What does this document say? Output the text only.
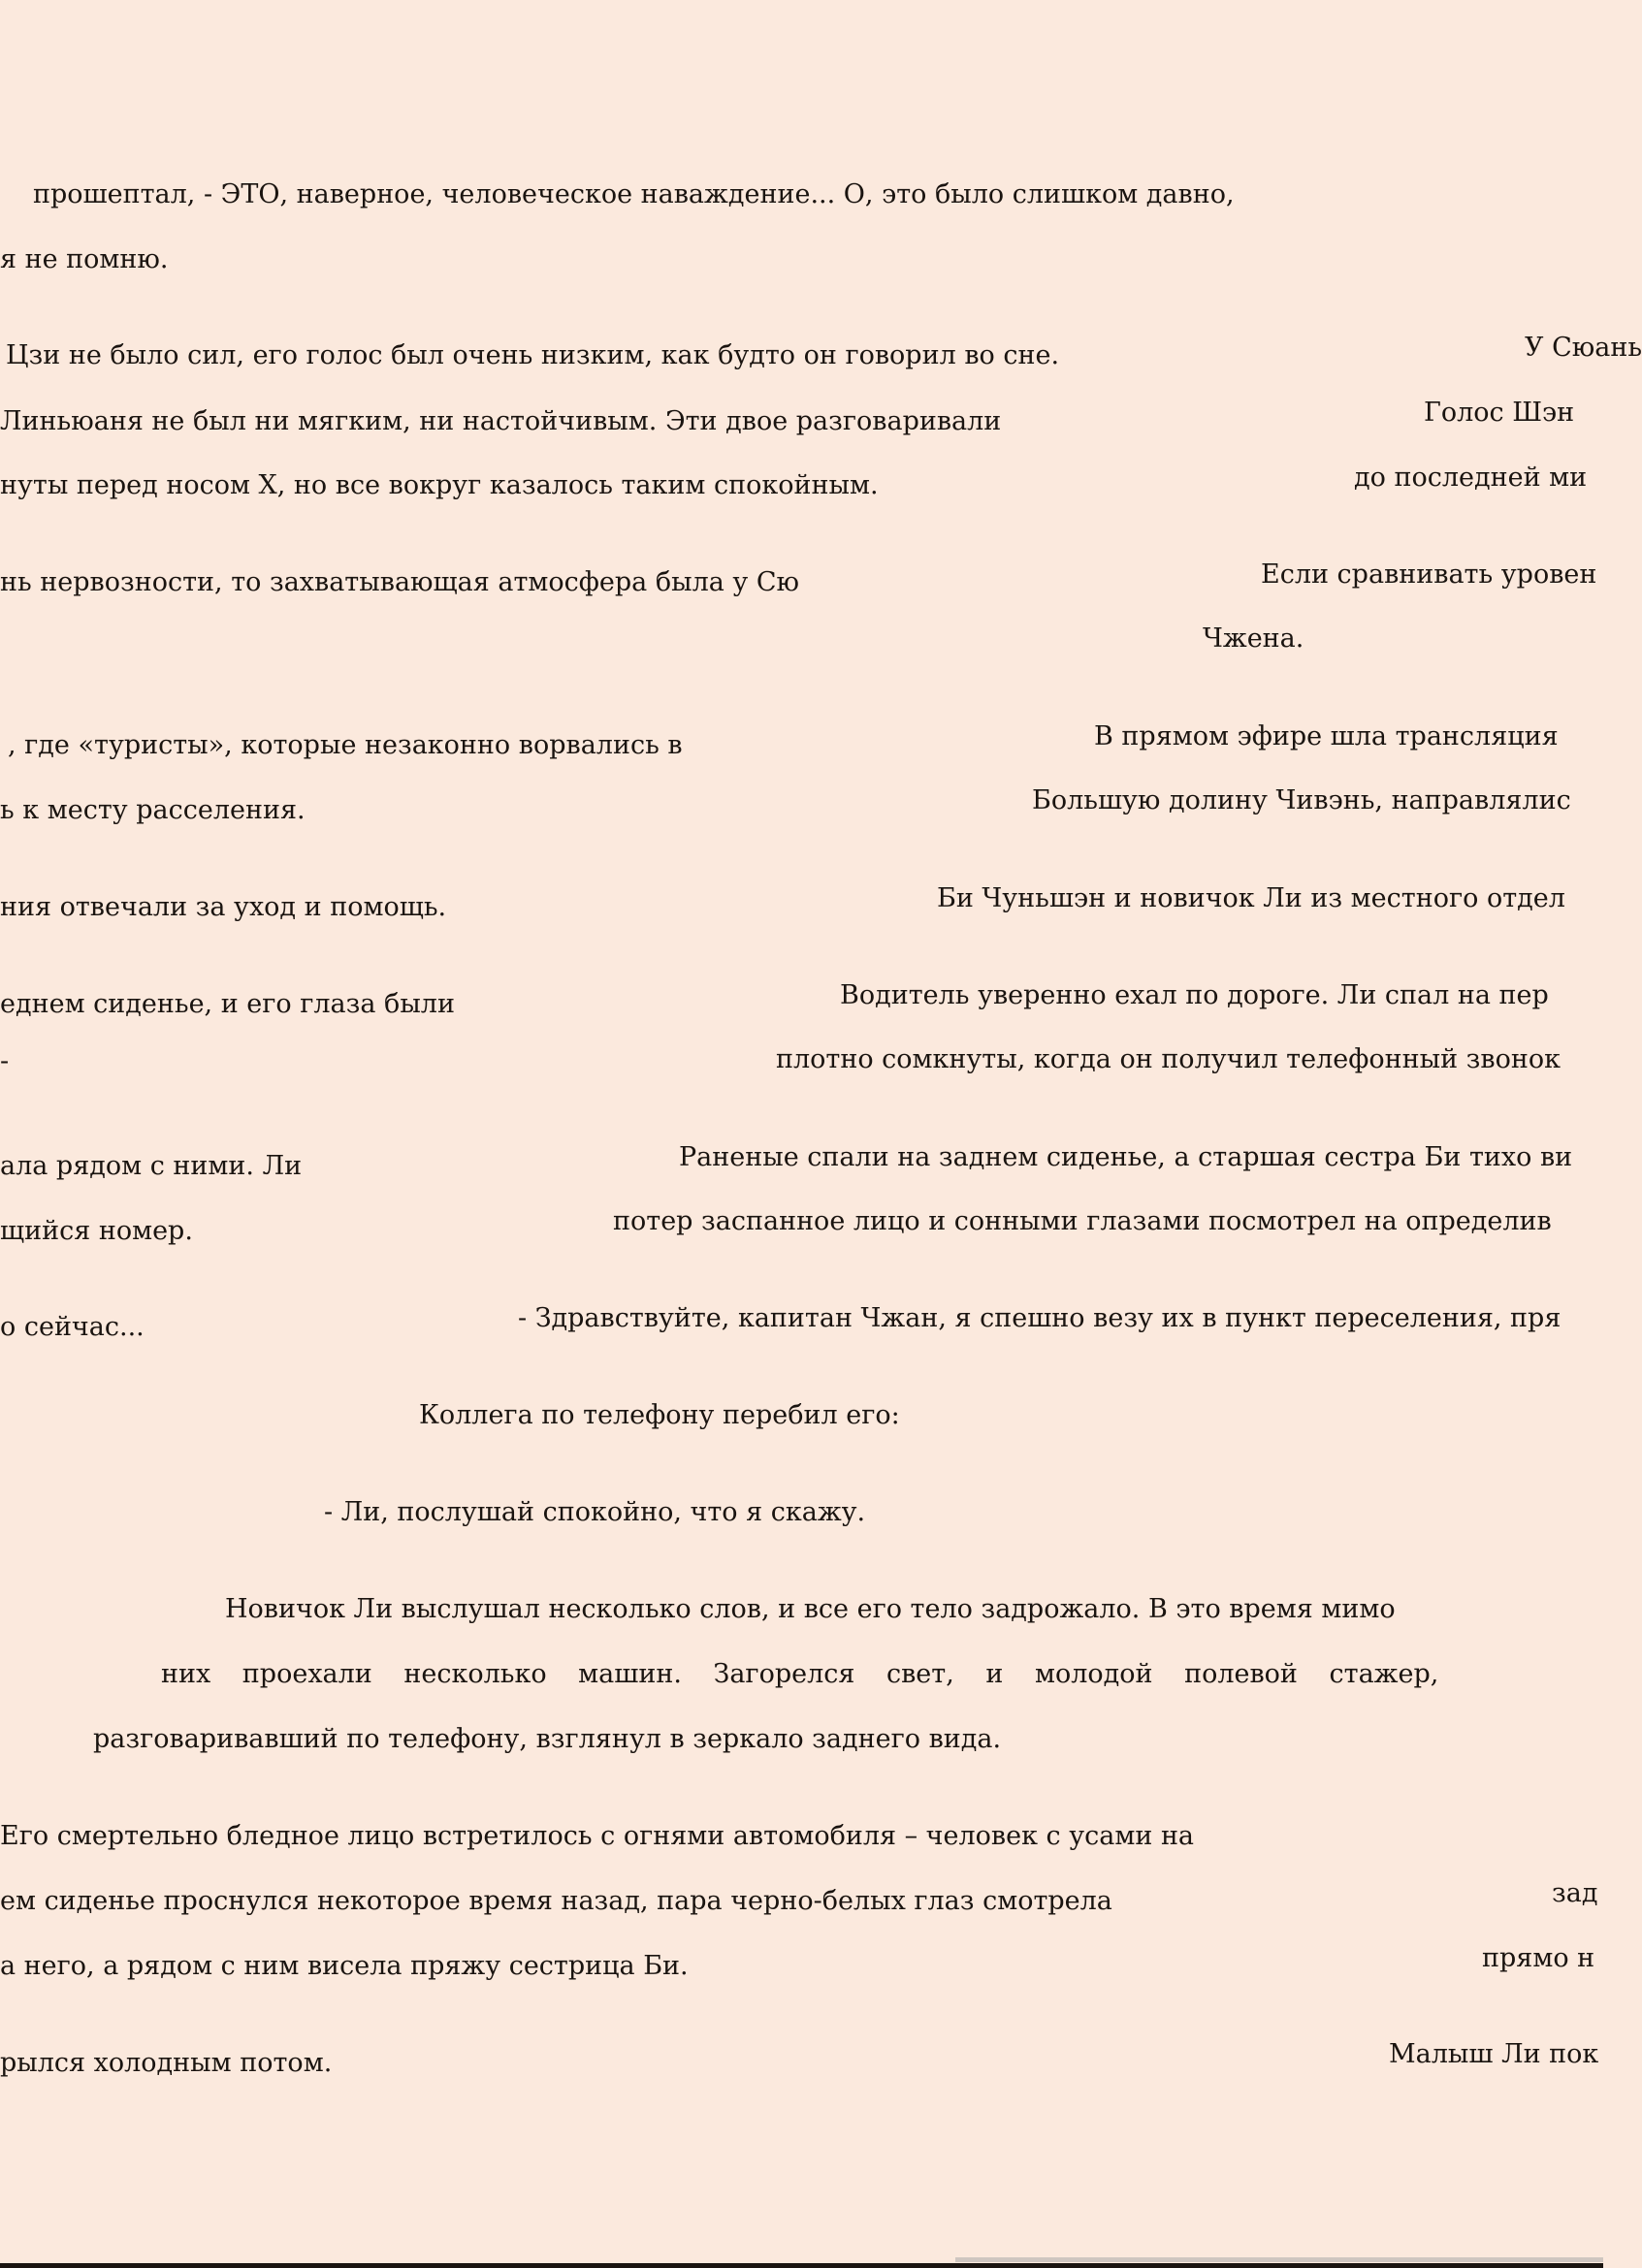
прошептал, - ЭТО, наверное, человеческое наваждение... О, это было слишком давно,

я не помню.

Цзи не было сил, его голос был очень низким, как будто он говорил во сне.	У Сюань

Линьюаня не был ни мягким, ни настойчивым. Эти двое разговаривали	Голос Шэн

нуты перед носом X, но все вокруг казалось таким спокойным.	до последней ми

нь нервозности, то захватывающая атмосфера была у Сю	Если сравнивать уровен

Чжена.

, где «туристы», которые незаконно ворвались в	В прямом эфире шла трансляция

ь к месту расселения.	Большую долину Чивэнь, направлялис

ния отвечали за уход и помощь.	Би Чуньшэн и новичок Ли из местного отдел

еднем сиденье, и его глаза были	Водитель уверенно ехал по дороге. Ли спал на пер

-	плотно сомкнуты, когда он получил телефонный звонок

ала рядом с ними. Ли	Раненые спали на заднем сиденье, а старшая сестра Би тихо ви

щийся номер.	потер заспанное лицо и сонными глазами посмотрел на определив

о сейчас...	- Здравствуйте, капитан Чжан, я спешно везу их в пункт переселения, пря

Коллега по телефону перебил его:

- Ли, послушай спокойно, что я скажу.

Новичок Ли выслушал несколько слов, и все его тело задрожало. В это время мимо

них проехали несколько машин. Загорелся свет, и молодой полевой стажер,

разговаривавший по телефону, взглянул в зеркало заднего вида.

Его смертельно бледное лицо встретилось с огнями автомобиля – человек с усами на

зад

ем сиденье проснулся некоторое время назад, пара черно-белых глаз смотрела

прямо н

а него, а рядом с ним висела пряжу сестрица Би.

Малыш Ли пок

рылся холодным потом.
